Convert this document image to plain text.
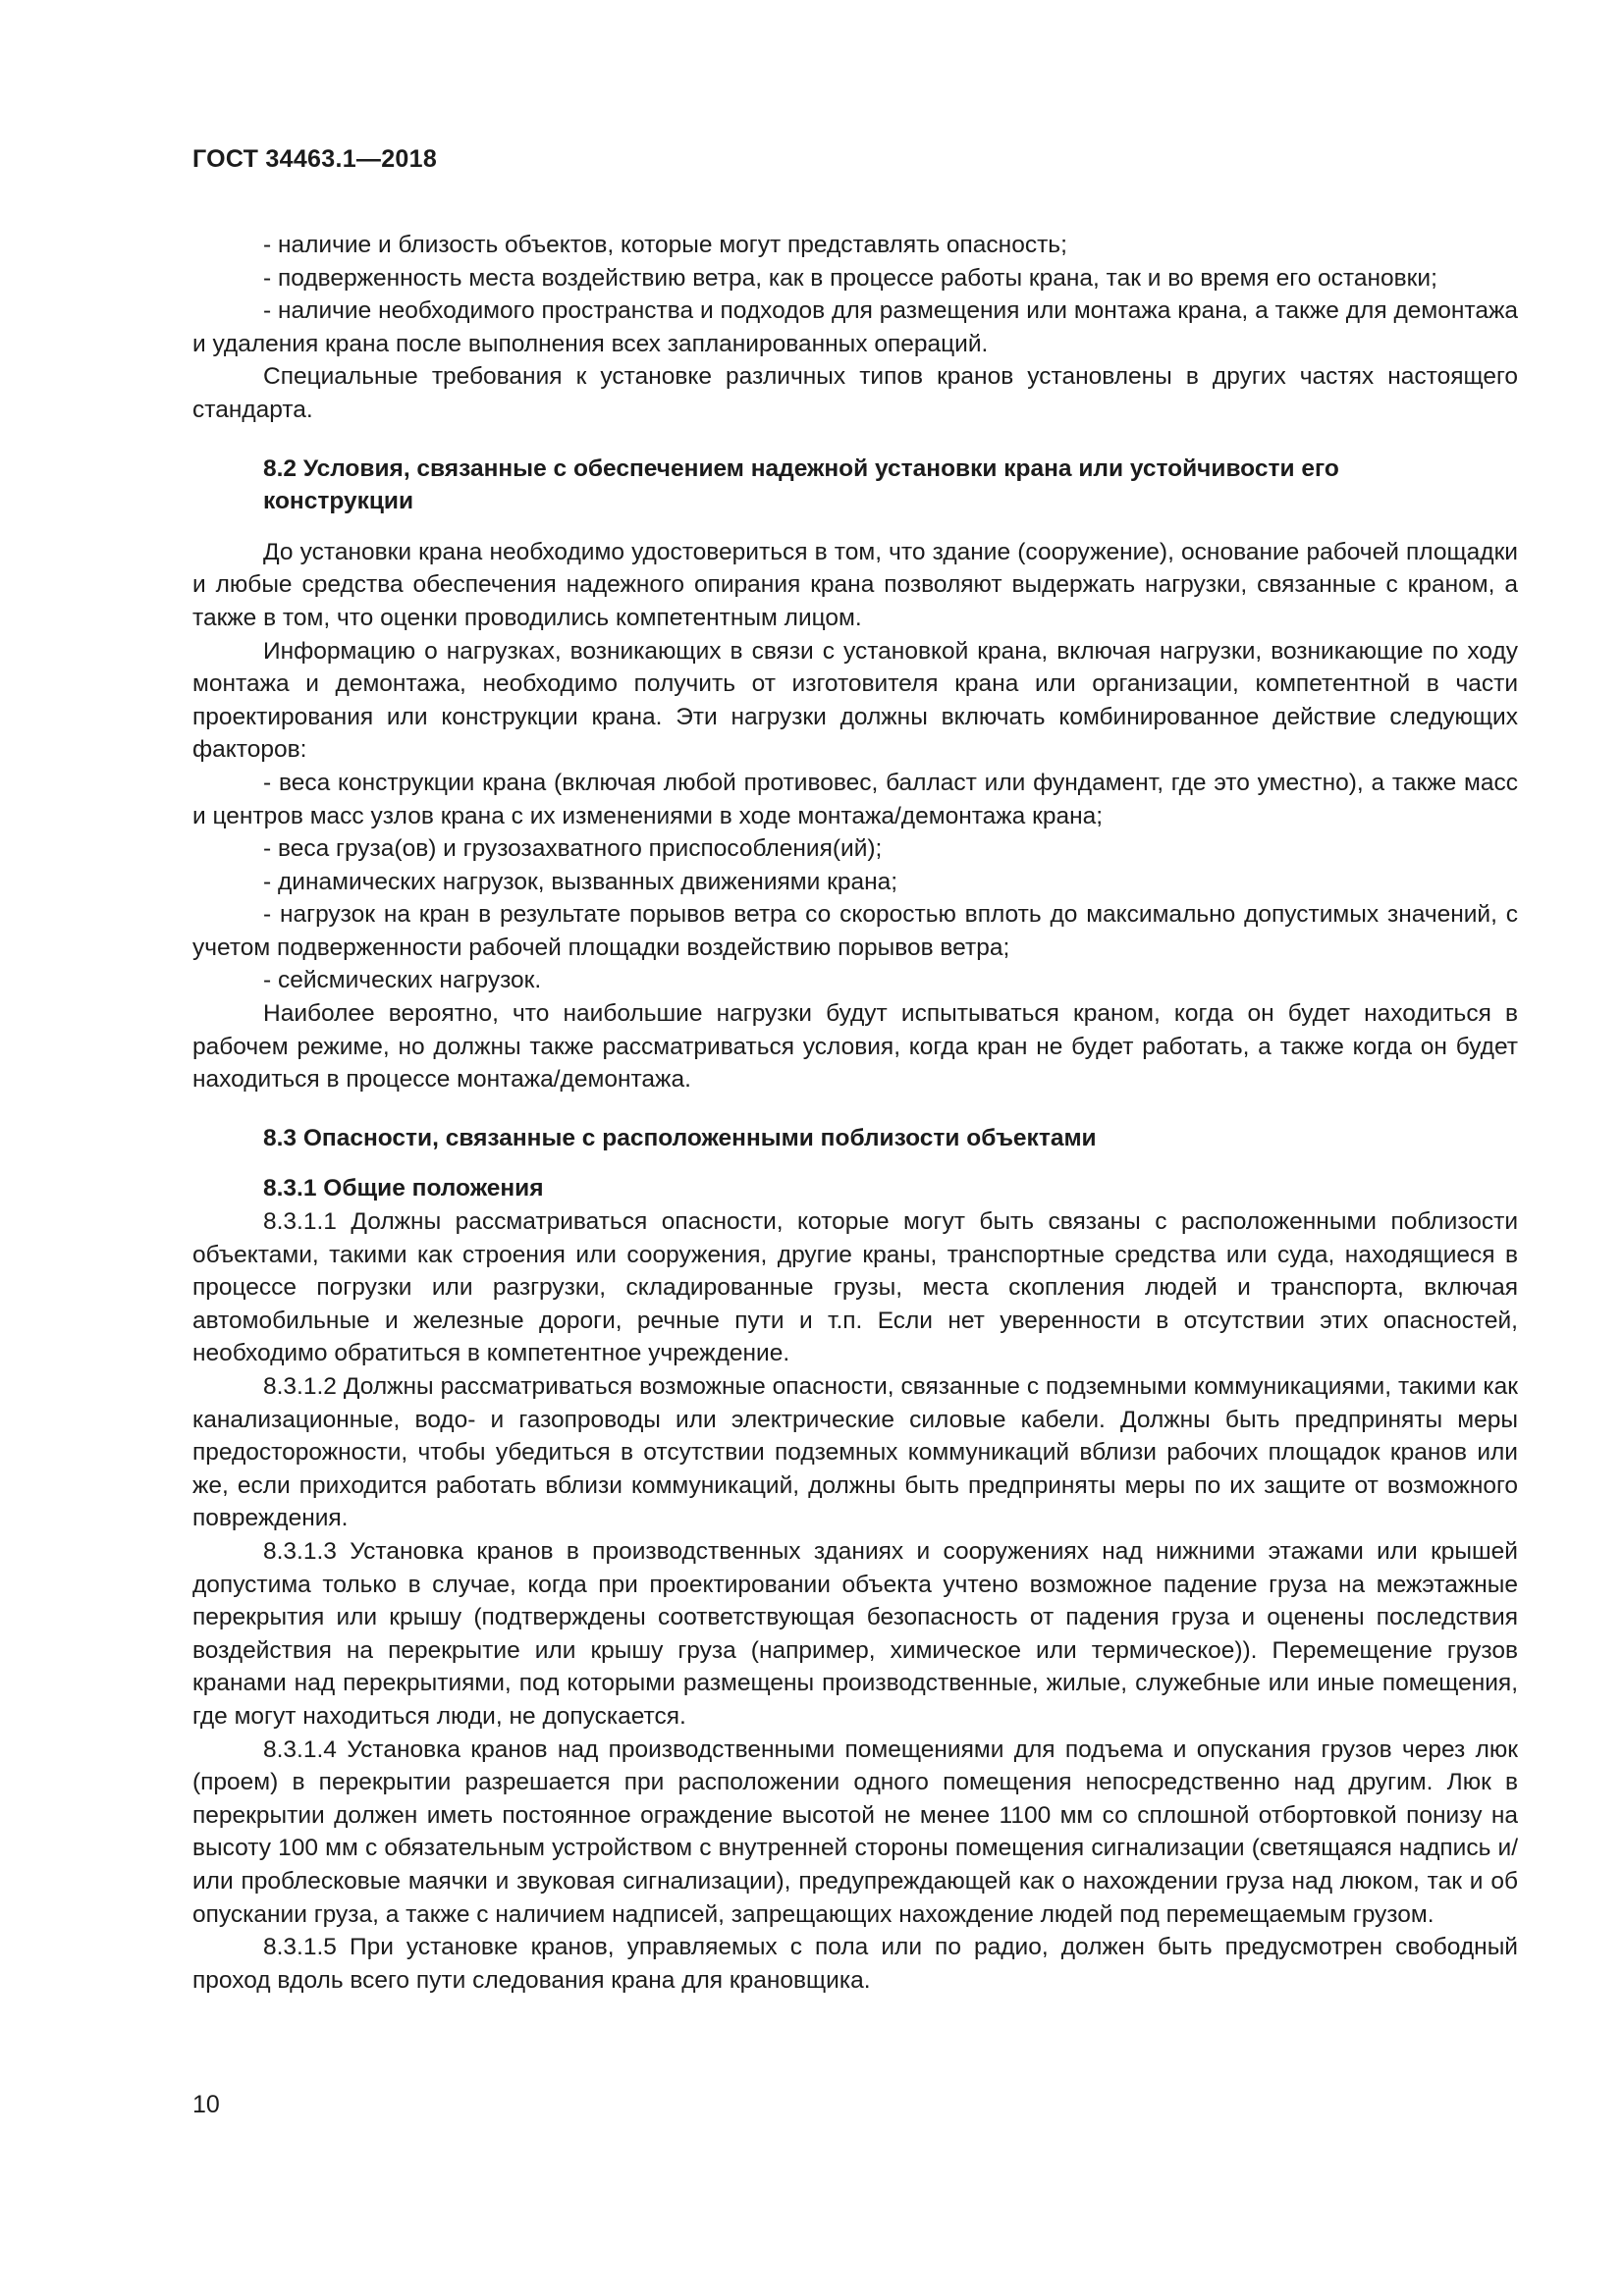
ГОСТ 34463.1—2018

- наличие и близость объектов, которые могут представлять опасность;

- подверженность места воздействию ветра, как в процессе работы крана, так и во время его остановки;

- наличие необходимого пространства и подходов для размещения или монтажа крана, а также для демонтажа и удаления крана после выполнения всех запланированных операций.

Специальные требования к установке различных типов кранов установлены в других частях настоящего стандарта.

8.2 Условия, связанные с обеспечением надежной установки крана или устойчивости его конструкции

До установки крана необходимо удостовериться в том, что здание (сооружение), основание рабочей площадки и любые средства обеспечения надежного опирания крана позволяют выдержать нагрузки, связанные с краном, а также в том, что оценки проводились компетентным лицом.

Информацию о нагрузках, возникающих в связи с установкой крана, включая нагрузки, возникающие по ходу монтажа и демонтажа, необходимо получить от изготовителя крана или организации, компетентной в части проектирования или конструкции крана. Эти нагрузки должны включать комбинированное действие следующих факторов:

- веса конструкции крана (включая любой противовес, балласт или фундамент, где это уместно), а также масс и центров масс узлов крана с их изменениями в ходе монтажа/демонтажа крана;

- веса груза(ов) и грузозахватного приспособления(ий);

- динамических нагрузок, вызванных движениями крана;

- нагрузок на кран в результате порывов ветра со скоростью вплоть до максимально допустимых значений, с учетом подверженности рабочей площадки воздействию порывов ветра;

- сейсмических нагрузок.

Наиболее вероятно, что наибольшие нагрузки будут испытываться краном, когда он будет находиться в рабочем режиме, но должны также рассматриваться условия, когда кран не будет работать, а также когда он будет находиться в процессе монтажа/демонтажа.

8.3 Опасности, связанные с расположенными поблизости объектами

8.3.1 Общие положения

8.3.1.1 Должны рассматриваться опасности, которые могут быть связаны с расположенными поблизости объектами, такими как строения или сооружения, другие краны, транспортные средства или суда, находящиеся в процессе погрузки или разгрузки, складированные грузы, места скопления людей и транспорта, включая автомобильные и железные дороги, речные пути и т.п. Если нет уверенности в отсутствии этих опасностей, необходимо обратиться в компетентное учреждение.

8.3.1.2 Должны рассматриваться возможные опасности, связанные с подземными коммуникациями, такими как канализационные, водо- и газопроводы или электрические силовые кабели. Должны быть предприняты меры предосторожности, чтобы убедиться в отсутствии подземных коммуникаций вблизи рабочих площадок кранов или же, если приходится работать вблизи коммуникаций, должны быть предприняты меры по их защите от возможного повреждения.

8.3.1.3 Установка кранов в производственных зданиях и сооружениях над нижними этажами или крышей допустима только в случае, когда при проектировании объекта учтено возможное падение груза на межэтажные перекрытия или крышу (подтверждены соответствующая безопасность от падения груза и оценены последствия воздействия на перекрытие или крышу груза (например, химическое или термическое)). Перемещение грузов кранами над перекрытиями, под которыми размещены производственные, жилые, служебные или иные помещения, где могут находиться люди, не допускается.

8.3.1.4 Установка кранов над производственными помещениями для подъема и опускания грузов через люк (проем) в перекрытии разрешается при расположении одного помещения непосредственно над другим. Люк в перекрытии должен иметь постоянное ограждение высотой не менее 1100 мм со сплошной отбортовкой понизу на высоту 100 мм с обязательным устройством с внутренней стороны помещения сигнализации (светящаяся надпись и/или проблесковые маячки и звуковая сигнализации), предупреждающей как о нахождении груза над люком, так и об опускании груза, а также с наличием надписей, запрещающих нахождение людей под перемещаемым грузом.

8.3.1.5 При установке кранов, управляемых с пола или по радио, должен быть предусмотрен свободный проход вдоль всего пути следования крана для крановщика.

10
